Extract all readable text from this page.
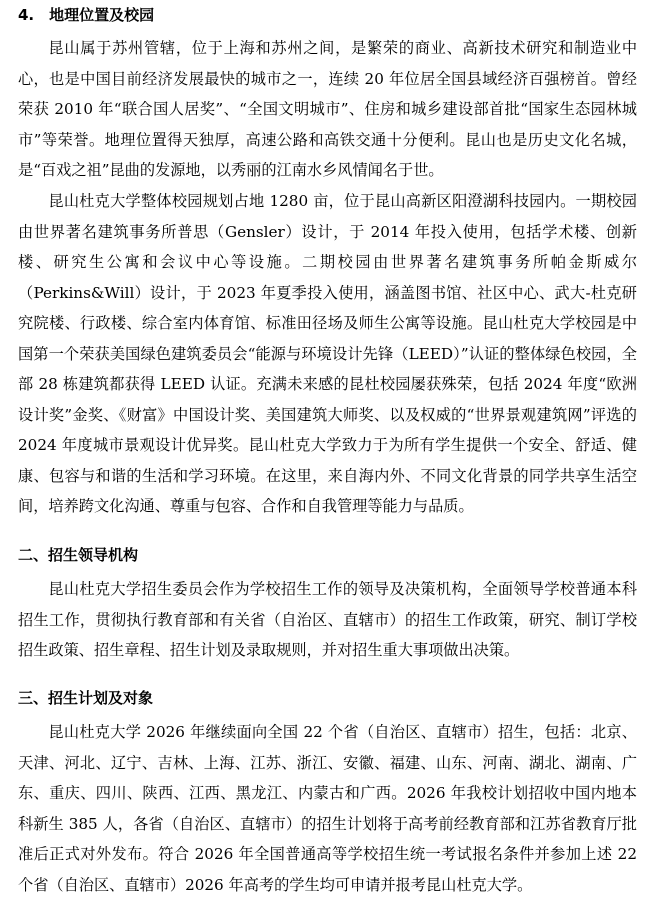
4.　地理位置及校园

昆山属于苏州管辖，位于上海和苏州之间，是繁荣的商业、高新技术研究和制造业中心，也是中国目前经济发展最快的城市之一，连续 20 年位居全国县域经济百强榜首。曾经荣获 2010 年“联合国人居奖”、“全国文明城市”、住房和城乡建设部首批“国家生态园林城市”等荣誉。地理位置得天独厚，高速公路和高铁交通十分便利。昆山也是历史文化名城，是“百戏之祖”昆曲的发源地，以秀丽的江南水乡风情闻名于世。

昆山杜克大学整体校园规划占地 1280 亩，位于昆山高新区阳澄湖科技园内。一期校园由世界著名建筑事务所普思（Gensler）设计，于 2014 年投入使用，包括学术楼、创新楼、研究生公寓和会议中心等设施。二期校园由世界著名建筑事务所帕金斯威尔（Perkins&Will）设计，于 2023 年夏季投入使用，涵盖图书馆、社区中心、武大-杜克研究院楼、行政楼、综合室内体育馆、标准田径场及师生公寓等设施。昆山杜克大学校园是中国第一个荣获美国绿色建筑委员会“能源与环境设计先锋（LEED）”认证的整体绿色校园，全部 28 栋建筑都获得 LEED 认证。充满未来感的昆杜校园屡获殊荣，包括 2024 年度“欧洲设计奖”金奖、《财富》中国设计奖、美国建筑大师奖、以及权威的“世界景观建筑网”评选的 2024 年度城市景观设计优异奖。昆山杜克大学致力于为所有学生提供一个安全、舒适、健康、包容与和谐的生活和学习环境。在这里，来自海内外、不同文化背景的同学共享生活空间，培养跨文化沟通、尊重与包容、合作和自我管理等能力与品质。

二、招生领导机构

昆山杜克大学招生委员会作为学校招生工作的领导及决策机构，全面领导学校普通本科招生工作，贯彻执行教育部和有关省（自治区、直辖市）的招生工作政策，研究、制订学校招生政策、招生章程、招生计划及录取规则，并对招生重大事项做出决策。

三、招生计划及对象

昆山杜克大学 2026 年继续面向全国 22 个省（自治区、直辖市）招生，包括：北京、天津、河北、辽宁、吉林、上海、江苏、浙江、安徽、福建、山东、河南、湖北、湖南、广东、重庆、四川、陕西、江西、黑龙江、内蒙古和广西。2026 年我校计划招收中国内地本科新生 385 人，各省（自治区、直辖市）的招生计划将于高考前经教育部和江苏省教育厅批准后正式对外发布。符合 2026 年全国普通高等学校招生统一考试报名条件并参加上述 22 个省（自治区、直辖市）2026 年高考的学生均可申请并报考昆山杜克大学。
